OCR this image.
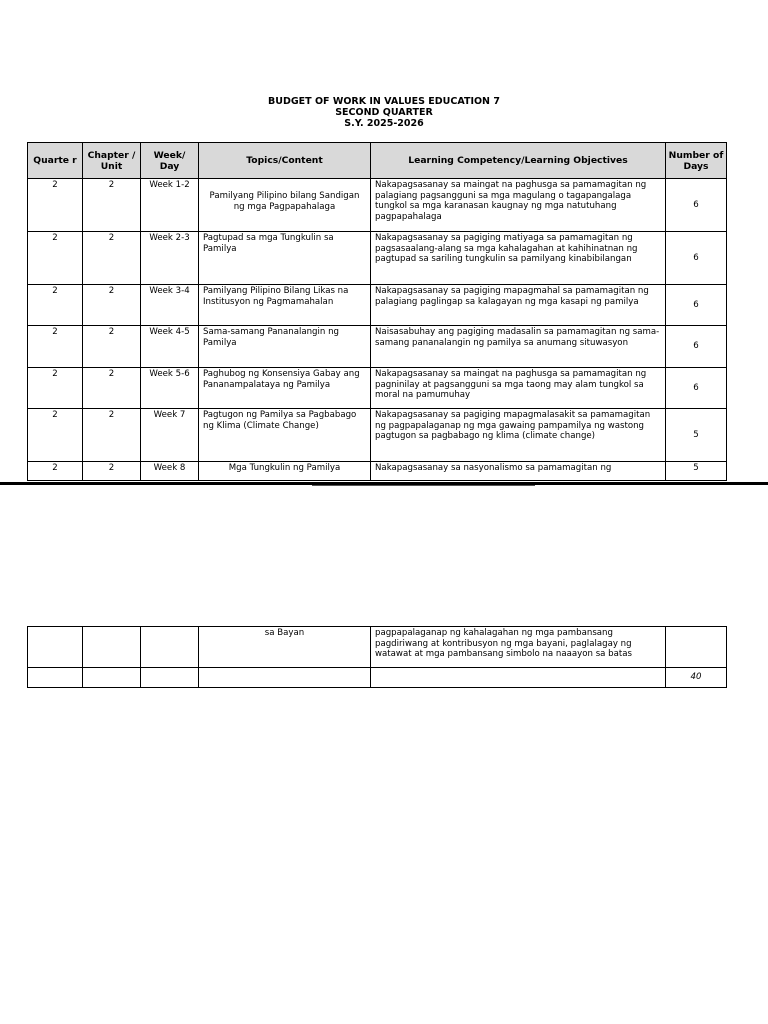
BUDGET OF WORK IN VALUES EDUCATION 7
SECOND QUARTER
S.Y. 2025-2026
Quarte r	Chapter / Unit	Week/ Day	Topics/Content	Learning Competency/Learning Objectives	Number of Days
2	2	Week 1-2	Pamilyang Pilipino bilang Sandigan ng mga Pagpapahalaga	Nakapagsasanay sa maingat na paghusga sa pamamagitan ng palagiang pagsangguni sa mga magulang o tagapangalaga tungkol sa mga karanasan kaugnay ng mga natutuhang pagpapahalaga	6
2	2	Week 2-3	Pagtupad sa mga Tungkulin sa Pamilya	Nakapagsasanay sa pagiging matiyaga sa pamamagitan ng pagsasaalang-alang sa mga kahalagahan at kahihinatnan ng pagtupad sa sariling tungkulin sa pamilyang kinabibilangan	6
2	2	Week 3-4	Pamilyang Pilipino Bilang Likas na Institusyon ng Pagmamahalan	Nakapagsasanay sa pagiging mapagmahal sa pamamagitan ng palagiang paglingap sa kalagayan ng mga kasapi ng pamilya	6
2	2	Week 4-5	Sama-samang Pananalangin ng Pamilya	Naisasabuhay ang pagiging madasalin sa pamamagitan ng sama-samang pananalangin ng pamilya sa anumang situwasyon	6
2	2	Week 5-6	Paghubog ng Konsensiya Gabay ang Pananampalataya ng Pamilya	Nakapagsasanay sa maingat na paghusga sa pamamagitan ng pagninilay at pagsangguni sa mga taong may alam tungkol sa moral na pamumuhay	6
2	2	Week 7	Pagtugon ng Pamilya sa Pagbabago ng Klima (Climate Change)	Nakapagsasanay sa pagiging mapagmalasakit sa pamamagitan ng pagpapalaganap ng mga gawaing pampamilya ng wastong pagtugon sa pagbabago ng klima (climate change)	5
2	2	Week 8	Mga Tungkulin ng Pamilya	Nakapagsasanay sa nasyonalismo sa pamamagitan ng	5
			sa Bayan	pagpapalaganap ng kahalagahan ng mga pambansang pagdiriwang at kontribusyon ng mga bayani, paglalagay ng watawat at mga pambansang simbolo na naaayon sa batas	
					40
